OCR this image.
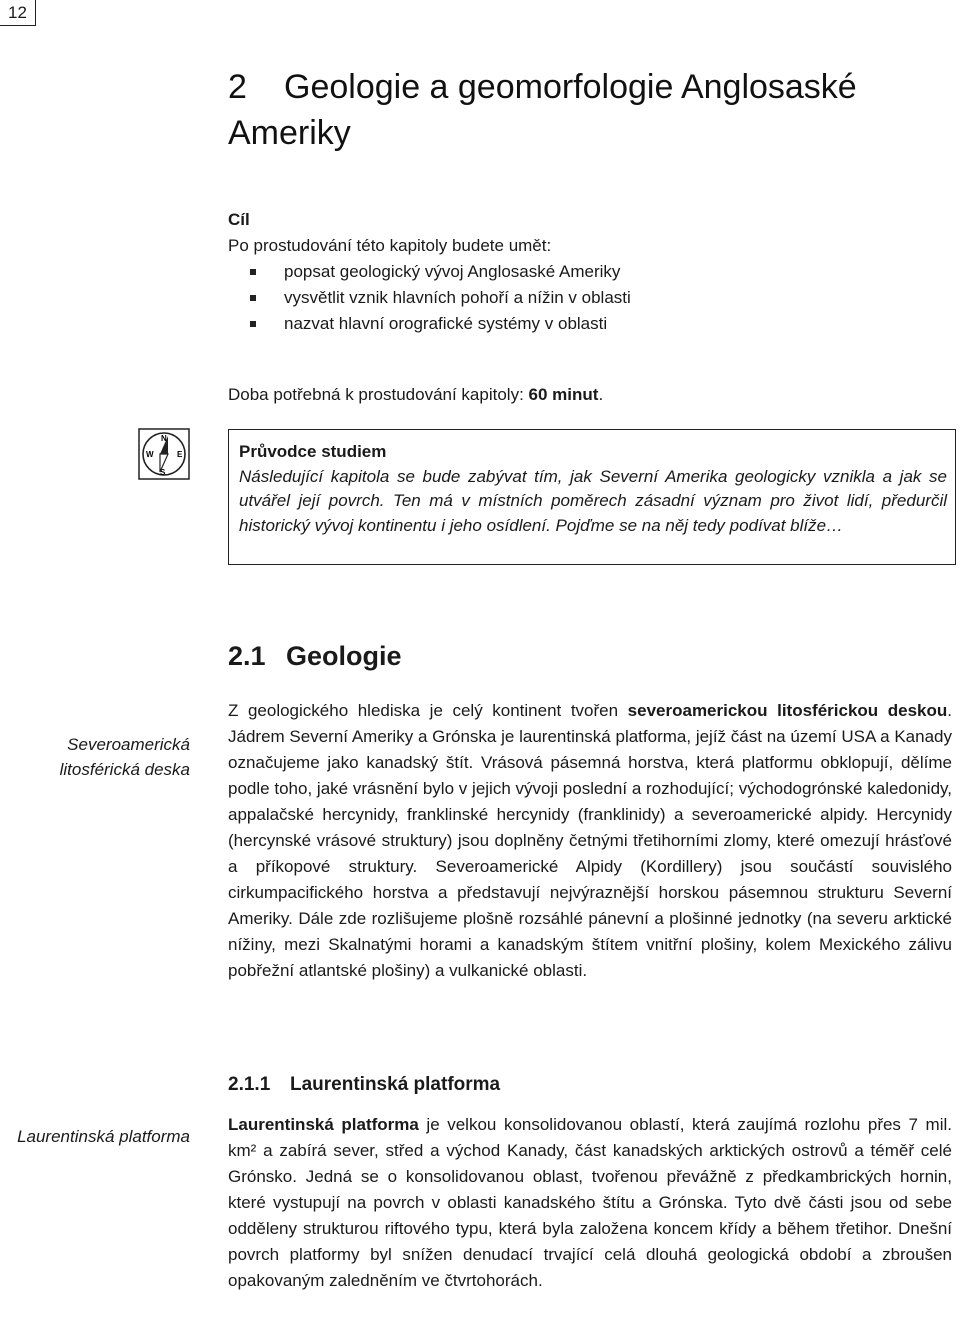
12
2 Geologie a geomorfologie Anglosaské Ameriky
Cíl
Po prostudování této kapitoly budete umět:
popsat geologický vývoj Anglosaské Ameriky
vysvětlit vznik hlavních pohoří a nížin v oblasti
nazvat hlavní orografické systémy v oblasti
Doba potřebná k prostudování kapitoly: 60 minut.
N
S
W	E	Průvodce studiem
Následující kapitola se bude zabývat tím, jak Severní Amerika geologicky vznikla a jak se utvářel její povrch. Ten má v místních poměrech zásadní význam pro život lidí, předurčil historický vývoj kontinentu i jeho osídlení. Pojďme se na něj tedy podívat blíže…
2.1 Geologie
Severoamerická litosférická deska

Z geologického hlediska je celý kontinent tvořen severoamerickou litosférickou deskou. Jádrem Severní Ameriky a Grónska je laurentinská platforma, jejíž část na území USA a Kanady označujeme jako kanadský štít. Vrásová pásemná horstva, která platformu obklopují, dělíme podle toho, jaké vrásnění bylo v jejich vývoji poslední a rozhodující; východogrónské kaledonidy, appalačské hercynidy, franklinské hercynidy (franklinidy) a severoamerické alpidy. Hercynidy (hercynské vrásové struktury) jsou doplněny četnými třetihorními zlomy, které omezují hrásťové a příkopové struktury. Severoamerické Alpidy (Kordillery) jsou součástí souvislého cirkumpacifického horstva a představují nejvýraznější horskou pásemnou strukturu Severní Ameriky. Dále zde rozlišujeme plošně rozsáhlé pánevní a plošinné jednotky (na severu arktické nížiny, mezi Skalnatými horami a kanadským štítem vnitřní plošiny, kolem Mexického zálivu pobřežní atlantské plošiny) a vulkanické oblasti.

2.1.1 Laurentinská platforma
Laurentinská platforma

Laurentinská platforma je velkou konsolidovanou oblastí, která zaujímá rozlohu přes 7 mil. km² a zabírá sever, střed a východ Kanady, část kanadských arktických ostrovů a téměř celé Grónsko. Jedná se o konsolidovanou oblast, tvořenou převážně z předkambrických hornin, které vystupují na povrch v oblasti kanadského štítu a Grónska. Tyto dvě části jsou od sebe odděleny strukturou riftového typu, která byla založena koncem křídy a během třetihor. Dnešní povrch platformy byl snížen denudací trvající celá dlouhá geologická období a zbroušen opakovaným zaledněním ve čtvrtohorách.
